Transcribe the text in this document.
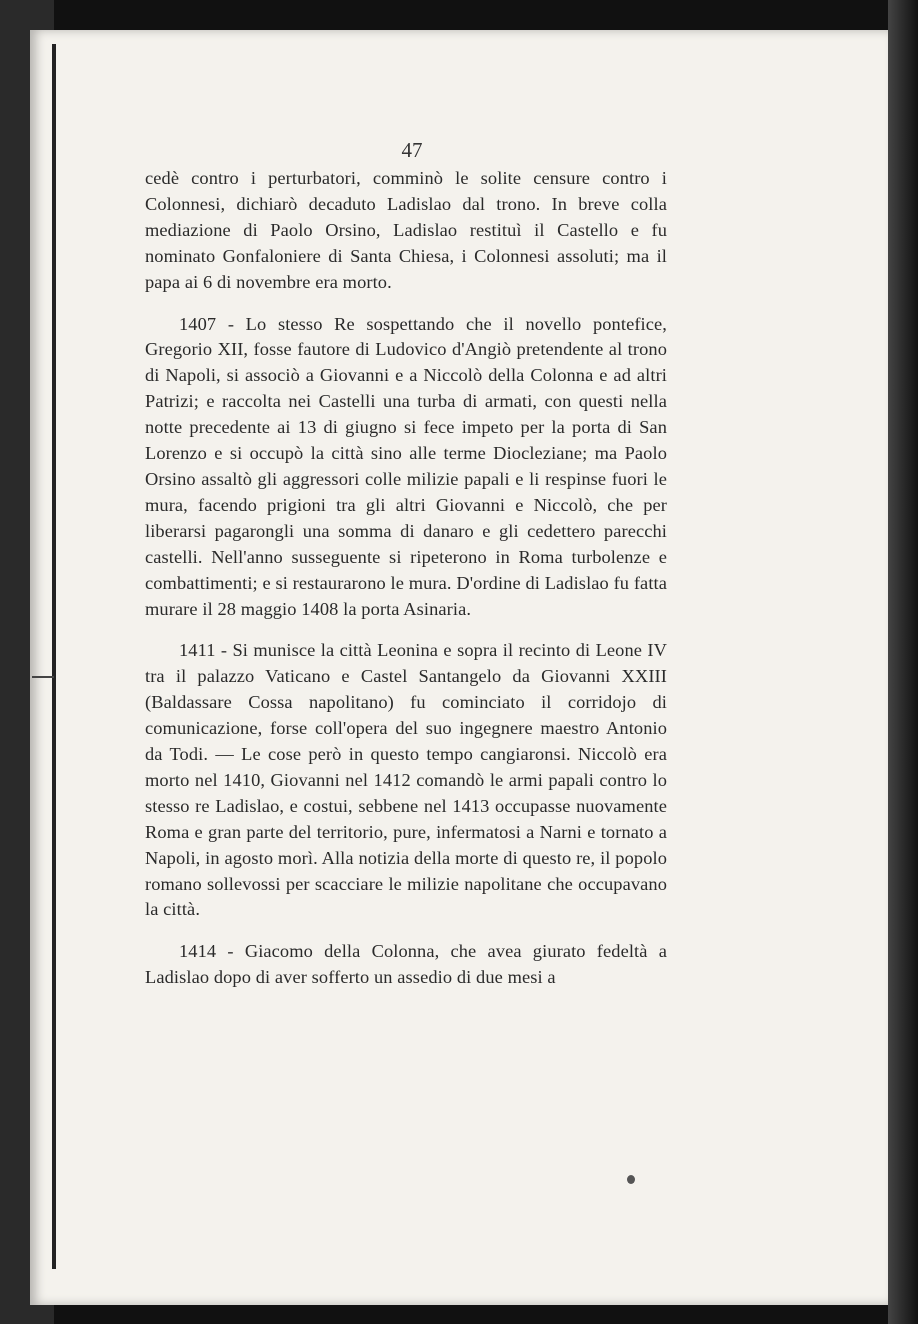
47

cedè contro i perturbatori, comminò le solite censure contro i Colonnesi, dichiarò decaduto Ladislao dal trono. In breve colla mediazione di Paolo Orsino, Ladislao restituì il Castello e fu nominato Gonfaloniere di Santa Chiesa, i Colonnesi assoluti; ma il papa ai 6 di novembre era morto.

1407 - Lo stesso Re sospettando che il novello pontefice, Gregorio XII, fosse fautore di Ludovico d'Angiò pretendente al trono di Napoli, si associò a Giovanni e a Niccolò della Colonna e ad altri Patrizi; e raccolta nei Castelli una turba di armati, con questi nella notte precedente ai 13 di giugno si fece impeto per la porta di San Lorenzo e si occupò la città sino alle terme Diocleziane; ma Paolo Orsino assaltò gli aggressori colle milizie papali e li respinse fuori le mura, facendo prigioni tra gli altri Giovanni e Niccolò, che per liberarsi pagarongli una somma di danaro e gli cedettero parecchi castelli. Nell'anno susseguente si ripeterono in Roma turbolenze e combattimenti; e si restaurarono le mura. D'ordine di Ladislao fu fatta murare il 28 maggio 1408 la porta Asinaria.

1411 - Si munisce la città Leonina e sopra il recinto di Leone IV tra il palazzo Vaticano e Castel Santangelo da Giovanni XXIII (Baldassare Cossa napolitano) fu cominciato il corridojo di comunicazione, forse coll'opera del suo ingegnere maestro Antonio da Todi. — Le cose però in questo tempo cangiaronsi. Niccolò era morto nel 1410, Giovanni nel 1412 comandò le armi papali contro lo stesso re Ladislao, e costui, sebbene nel 1413 occupasse nuovamente Roma e gran parte del territorio, pure, infermatosi a Narni e tornato a Napoli, in agosto morì. Alla notizia della morte di questo re, il popolo romano sollevossi per scacciare le milizie napolitane che occupavano la città.

1414 - Giacomo della Colonna, che avea giurato fedeltà a Ladislao dopo di aver sofferto un assedio di due mesi a
